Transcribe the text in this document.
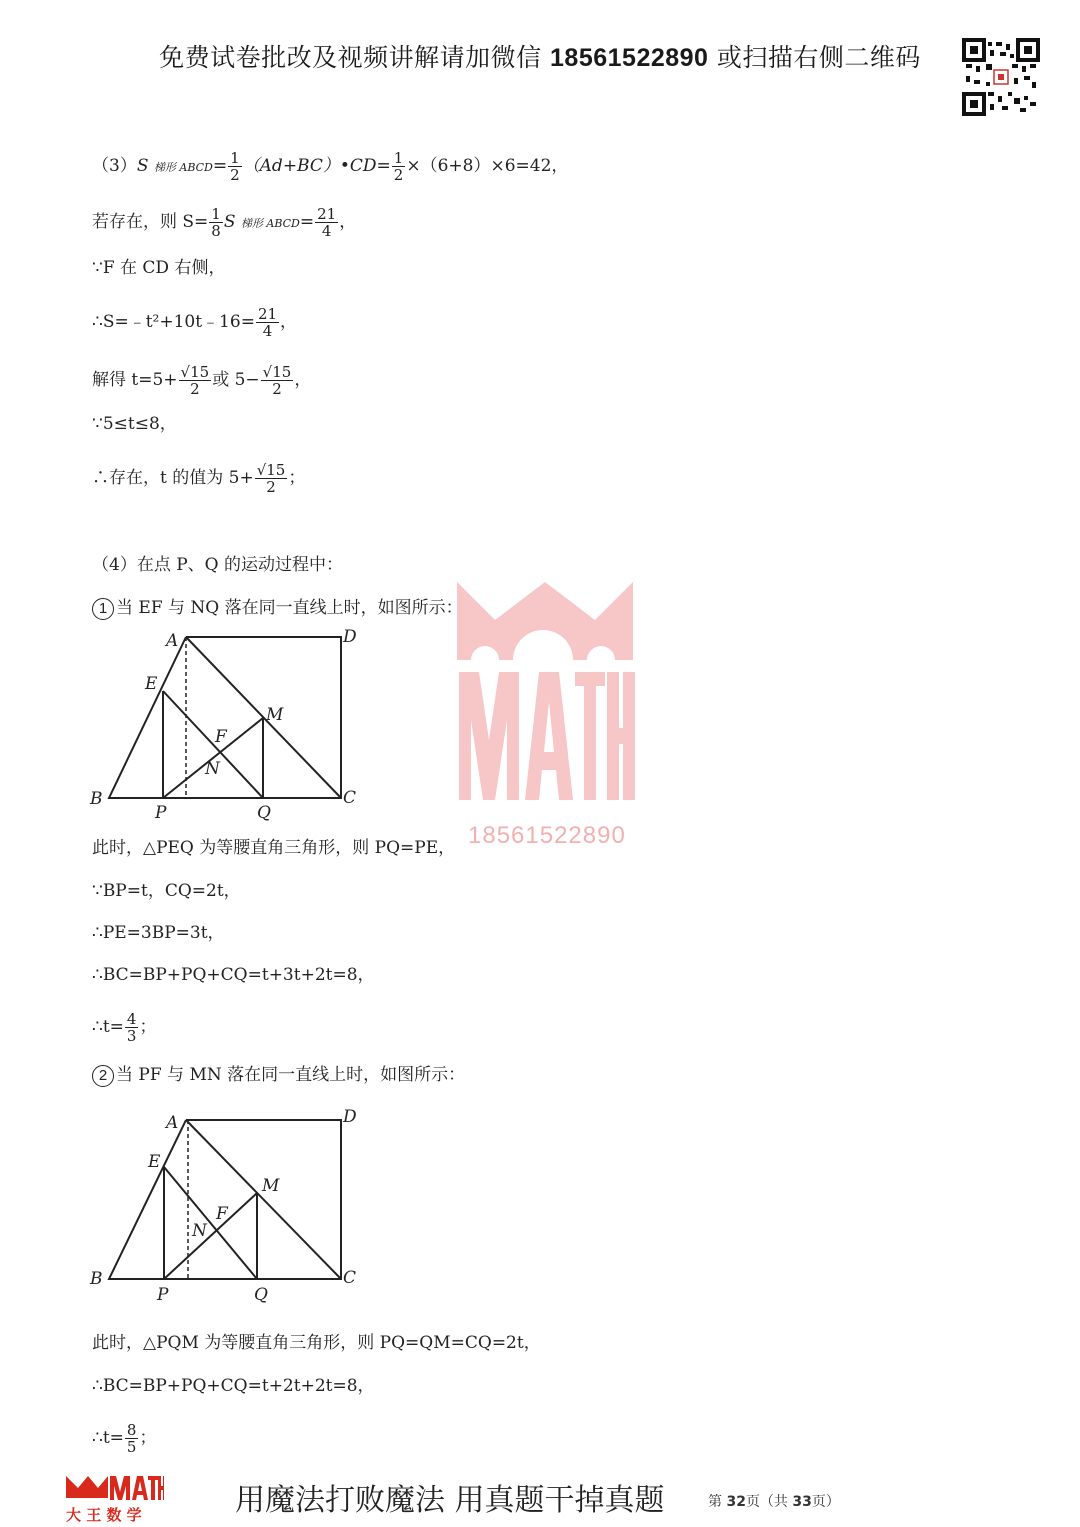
免费试卷批改及视频讲解请加微信 18561522890 或扫描右侧二维码
18561522890
（3）S 梯形 ABCD= $\frac{1}{2}$ （Ad+BC）•CD= $\frac{1}{2} \times(6+8)\times 6=42$，
若存在，则 $S= \frac{1}{8}$ S 梯形 ABCD= $\frac{21}{4}$ ，
∵F 在 CD 右侧，
∴S=﹣t²+10t﹣16= $\frac{21}{4}$ ，
解得 $t=5+ \frac{√15}{2}$ 或 $5- \frac{√15}{2}$ ，
∵5≤t≤8，
∴存在，t 的值为 $5+ \frac{√15}{2}$ ；
（4）在点 P、Q 的运动过程中：
1 当 EF 与 NQ 落在同一直线上时，如图所示：
A	D
E
M
F
N
B
P	Q
C
此时，△PEQ 为等腰直角三角形，则 PQ=PE，
∵BP=t，CQ=2t，
∴PE=3BP=3t，
∴BC=BP+PQ+CQ=t+3t+2t=8，
∴t= $\frac{4}{3}$ ；
2 当 PF 与 MN 落在同一直线上时，如图所示：
A	D
E
M
F
N
B
P	Q
C
此时，△PQM 为等腰直角三角形，则 PQ=QM=CQ=2t，
∴BC=BP+PQ+CQ=t+2t+2t=8，
∴t= $\frac{8}{5}$ ；
大 王 数 学	用魔法打败魔法 用真题干掉真题	第 32页（共 33页）
